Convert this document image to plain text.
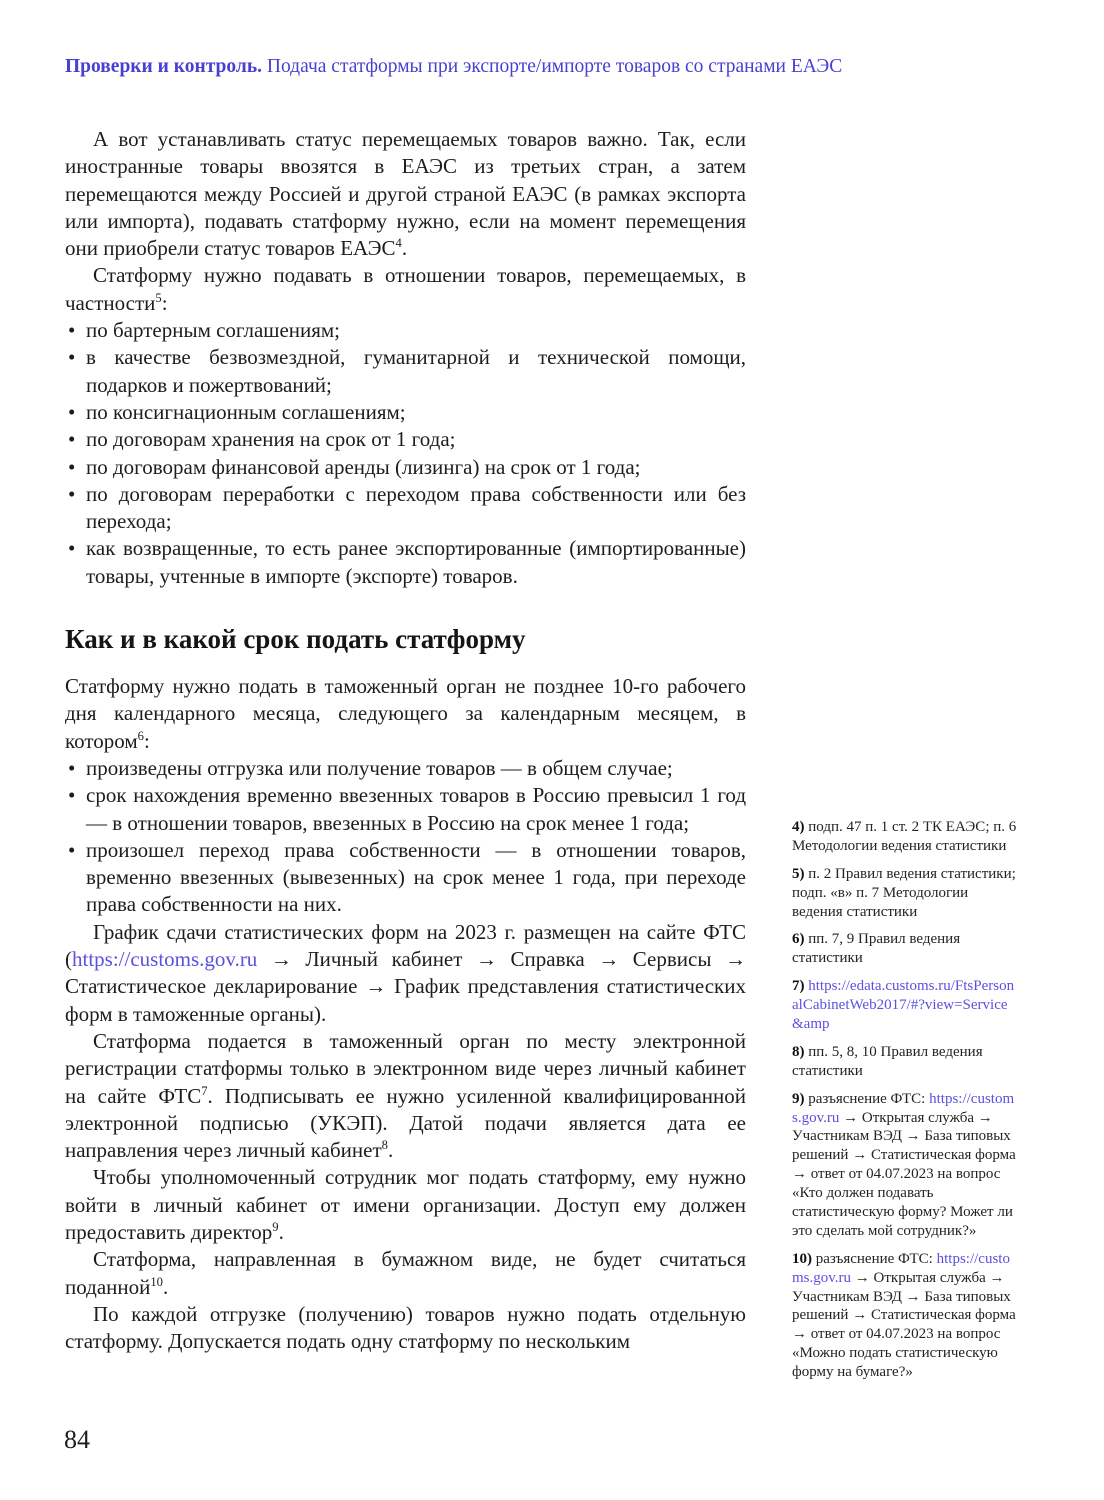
Проверки и контроль. Подача статформы при экспорте/импорте товаров со странами ЕАЭС

А вот устанавливать статус перемещаемых товаров важно. Так, если иностранные товары ввозятся в ЕАЭС из третьих стран, а затем перемещаются между Россией и другой страной ЕАЭС (в рамках экспорта или импорта), подавать статформу нужно, если на момент перемещения они приобрели статус товаров ЕАЭС$^4$.

Статформу нужно подавать в отношении товаров, перемещаемых, в частности$^5$:

• по бартерным соглашениям;
• в качестве безвозмездной, гуманитарной и технической помощи, подарков и пожертвований;
• по консигнационным соглашениям;
• по договорам хранения на срок от 1 года;
• по договорам финансовой аренды (лизинга) на срок от 1 года;
• по договорам переработки с переходом права собственности или без перехода;
• как возвращенные, то есть ранее экспортированные (импортированные) товары, учтенные в импорте (экспорте) товаров.
Как и в какой срок подать статформу

Статформу нужно подать в таможенный орган не позднее 10-го рабочего дня календарного месяца, следующего за календарным месяцем, в котором$^6$:

• произведены отгрузка или получение товаров — в общем случае;
• срок нахождения временно ввезенных товаров в Россию превысил 1 год — в отношении товаров, ввезенных в Россию на срок менее 1 года;
• произошел переход права собственности — в отношении товаров, временно ввезенных (вывезенных) на срок менее 1 года, при переходе права собственности на них.

График сдачи статистических форм на 2023 г. размещен на сайте ФТС (https://customs.gov.ru → Личный кабинет → Справка → Сервисы → Статистическое декларирование → График представления статистических форм в таможенные органы).

Статформа подается в таможенный орган по месту электронной регистрации статформы только в электронном виде через личный кабинет на сайте ФТС$^7$. Подписывать ее нужно усиленной квалифицированной электронной подписью (УКЭП). Датой подачи является дата ее направления через личный кабинет$^8$.

Чтобы уполномоченный сотрудник мог подать статформу, ему нужно войти в личный кабинет от имени организации. Доступ ему должен предоставить директор$^9$.

Статформа, направленная в бумажном виде, не будет считаться поданной$^{10}$.

По каждой отгрузке (получению) товаров нужно подать отдельную статформу. Допускается подать одну статформу по нескольким

4) подп. 47 п. 1 ст. 2 ТК ЕАЭС; п. 6 Методологии ведения статистики
5) п. 2 Правил ведения статистики; подп. «в» п. 7 Методологии ведения статистики
6) пп. 7, 9 Правил ведения статистики
7) https://edata.customs.ru/FtsPersonalCabinetWeb2017/#?view=Service&amp
8) пп. 5, 8, 10 Правил ведения статистики
9) разъяснение ФТС: https://customs.gov.ru → Открытая служба → Участникам ВЭД → База типовых решений → Статистическая форма → ответ от 04.07.2023 на вопрос «Кто должен подавать статистическую форму? Может ли это сделать мой сотрудник?»
10) разъяснение ФТС: https://customs.gov.ru → Открытая служба → Участникам ВЭД → База типовых решений → Статистическая форма → ответ от 04.07.2023 на вопрос «Можно подать статистическую форму на бумаге?»
84
